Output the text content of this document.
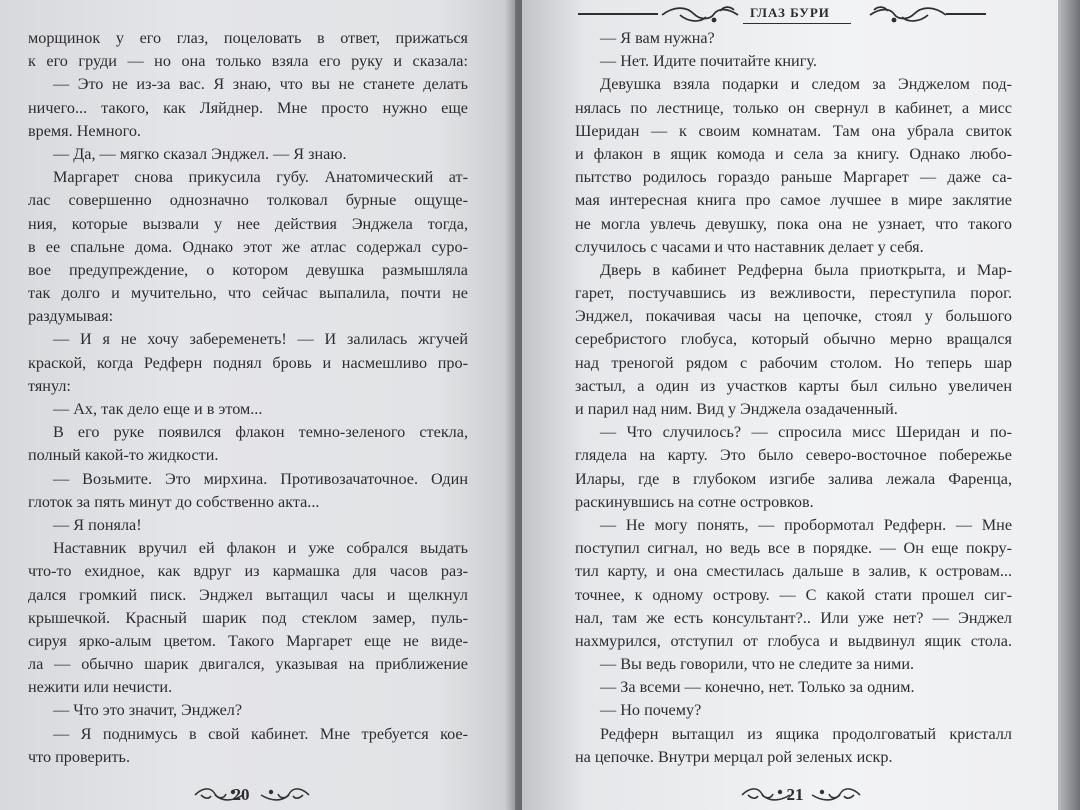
морщинок у его глаз, поцеловать в ответ, прижаться
к его груди — но она только взяла его руку и сказала:
— Это не из-за вас. Я знаю, что вы не станете делать
ничего... такого, как Ляйднер. Мне просто нужно еще
время. Немного.
— Да, — мягко сказал Энджел. — Я знаю.
Маргарет снова прикусила губу. Анатомический ат-
лас совершенно однозначно толковал бурные ощуще-
ния, которые вызвали у нее действия Энджела тогда,
в ее спальне дома. Однако этот же атлас содержал суро-
вое предупреждение, о котором девушка размышляла
так долго и мучительно, что сейчас выпалила, почти не
раздумывая:
— И я не хочу забеременеть! — И залилась жгучей
краской, когда Редферн поднял бровь и насмешливо про-
тянул:
— Ах, так дело еще и в этом...
В его руке появился флакон темно-зеленого стекла,
полный какой-то жидкости.
— Возьмите. Это мирхина. Противозачаточное. Один
глоток за пять минут до собственно акта...
— Я поняла!
Наставник вручил ей флакон и уже собрался выдать
что-то ехидное, как вдруг из кармашка для часов раз-
дался громкий писк. Энджел вытащил часы и щелкнул
крышечкой. Красный шарик под стеклом замер, пуль-
сируя ярко-алым цветом. Такого Маргарет еще не виде-
ла — обычно шарик двигался, указывая на приближение
нежити или нечисти.
— Что это значит, Энджел?
— Я поднимусь в свой кабинет. Мне требуется кое-
что проверить.
20
ГЛАЗ БУРИ
— Я вам нужна?
— Нет. Идите почитайте книгу.
Девушка взяла подарки и следом за Энджелом под-
нялась по лестнице, только он свернул в кабинет, а мисс
Шеридан — к своим комнатам. Там она убрала свиток
и флакон в ящик комода и села за книгу. Однако любо-
пытство родилось гораздо раньше Маргарет — даже са-
мая интересная книга про самое лучшее в мире заклятие
не могла увлечь девушку, пока она не узнает, что такого
случилось с часами и что наставник делает у себя.
Дверь в кабинет Редферна была приоткрыта, и Мар-
гарет, постучавшись из вежливости, переступила порог.
Энджел, покачивая часы на цепочке, стоял у большого
серебристого глобуса, который обычно мерно вращался
над треногой рядом с рабочим столом. Но теперь шар
застыл, а один из участков карты был сильно увеличен
и парил над ним. Вид у Энджела озадаченный.
— Что случилось? — спросила мисс Шеридан и по-
глядела на карту. Это было северо-восточное побережье
Илары, где в глубоком изгибе залива лежала Фаренца,
раскинувшись на сотне островков.
— Не могу понять, — пробормотал Редферн. — Мне
поступил сигнал, но ведь все в порядке. — Он еще покру-
тил карту, и она сместилась дальше в залив, к островам...
точнее, к одному острову. — С какой стати прошел сиг-
нал, там же есть консультант?.. Или уже нет? — Энджел
нахмурился, отступил от глобуса и выдвинул ящик стола.
— Вы ведь говорили, что не следите за ними.
— За всеми — конечно, нет. Только за одним.
— Но почему?
Редферн вытащил из ящика продолговатый кристалл
на цепочке. Внутри мерцал рой зеленых искр.
21
